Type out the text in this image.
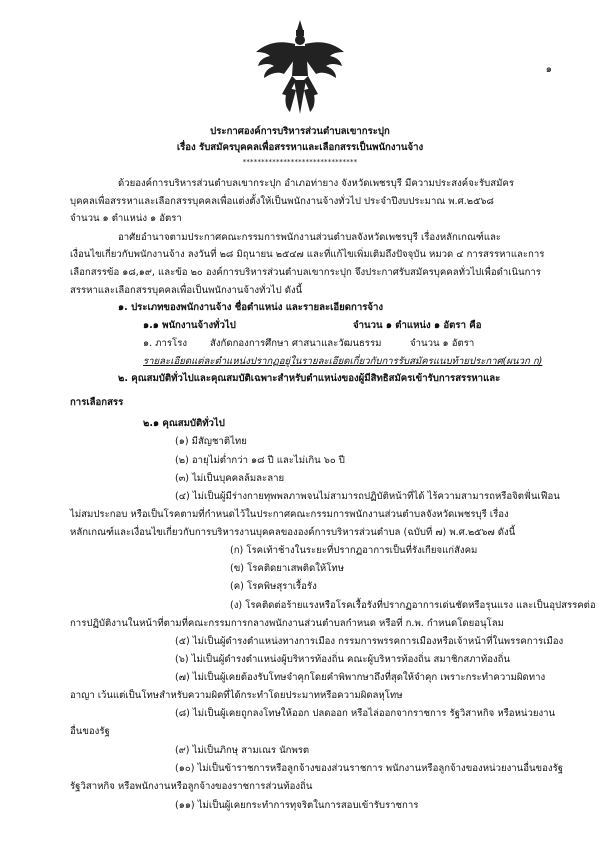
๑
ประกาศองค์การบริหารส่วนตำบลเขากระปุก
เรื่อง รับสมัครบุคคลเพื่อสรรหาและเลือกสรรเป็นพนักงานจ้าง
*******************************
ด้วยองค์การบริหารส่วนตำบลเขากระปุก อำเภอท่ายาง จังหวัดเพชรบุรี มีความประสงค์จะรับสมัคร
บุคคลเพื่อสรรหาและเลือกสรรบุคคลเพื่อแต่งตั้งให้เป็นพนักงานจ้างทั่วไป ประจำปีงบประมาณ พ.ศ.๒๕๖๘
จำนวน ๑ ตำแหน่ง ๑ อัตรา
อาศัยอำนาจตามประกาศคณะกรรมการพนักงานส่วนตำบลจังหวัดเพชรบุรี เรื่องหลักเกณฑ์และ
เงื่อนไขเกี่ยวกับพนักงานจ้าง ลงวันที่ ๒๘ มิถุนายน ๒๕๔๗ และที่แก้ไขเพิ่มเติมถึงปัจจุบัน หมวด ๔ การสรรหาและการ
เลือกสรรข้อ ๑๘,๑๙, และข้อ ๒๐ องค์การบริหารส่วนตำบลเขากระปุก จึงประกาศรับสมัครบุคคลทั่วไปเพื่อดำเนินการ
สรรหาและเลือกสรรบุคคลเพื่อเป็นพนักงานจ้างทั่วไป ดังนี้
๑. ประเภทของพนักงานจ้าง ชื่อตำแหน่ง และรายละเอียดการจ้าง
๑.๑ พนักงานจ้างทั่วไป	จำนวน ๑ ตำแหน่ง ๑ อัตรา คือ
๑. ภารโรง สังกัดกองการศึกษา ศาสนาและวัฒนธรรม	จำนวน ๑ อัตรา
รายละเอียดแต่ละตำแหน่งปรากฏอยู่ในรายละเอียดเกี่ยวกับการรับสมัครแนบท้ายประกาศ(ผนวก ก)
๒. คุณสมบัติทั่วไปและคุณสมบัติเฉพาะสำหรับตำแหน่งของผู้มีสิทธิสมัครเข้ารับการสรรหาและ
การเลือกสรร
๒.๑ คุณสมบัติทั่วไป
(๑) มีสัญชาติไทย
(๒) อายุไม่ต่ำกว่า ๑๘ ปี และไม่เกิน ๖๐ ปี
(๓) ไม่เป็นบุคคลล้มละลาย
(๔) ไม่เป็นผู้มีร่างกายทุพพลภาพจนไม่สามารถปฏิบัติหน้าที่ได้ ไร้ความสามารถหรือจิตฟั่นเฟือน
ไม่สมประกอบ หรือเป็นโรคตามที่กำหนดไว้ในประกาศคณะกรรมการพนักงานส่วนตำบลจังหวัดเพชรบุรี เรื่อง
หลักเกณฑ์และเงื่อนไขเกี่ยวกับการบริหารงานบุคคลขององค์การบริหารส่วนตำบล (ฉบับที่ ๗) พ.ศ.๒๕๖๗ ดังนี้
(ก) โรคเท้าช้างในระยะที่ปรากฏอาการเป็นที่รังเกียจแก่สังคม
(ข) โรคติดยาเสพติดให้โทษ
(ค) โรคพิษสุราเรื้อรัง
(ง) โรคติดต่อร้ายแรงหรือโรคเรื้อรังที่ปรากฏอาการเด่นชัดหรือรุนแรง และเป็นอุปสรรคต่อ
การปฏิบัติงานในหน้าที่ตามที่คณะกรรมการกลางพนักงานส่วนตำบลกำหนด หรือที่ ก.พ. กำหนดโดยอนุโลม
(๕) ไม่เป็นผู้ดำรงตำแหน่งทางการเมือง กรรมการพรรคการเมืองหรือเจ้าหน้าที่ในพรรคการเมือง
(๖) ไม่เป็นผู้ดำรงตำแหน่งผู้บริหารท้องถิ่น คณะผู้บริหารท้องถิ่น สมาชิกสภาท้องถิ่น
(๗) ไม่เป็นผู้เคยต้องรับโทษจำคุกโดยคำพิพากษาถึงที่สุดให้จำคุก เพราะกระทำความผิดทาง
อาญา เว้นแต่เป็นโทษสำหรับความผิดที่ได้กระทำโดยประมาทหรือความผิดลหุโทษ
(๘) ไม่เป็นผู้เคยถูกลงโทษให้ออก ปลดออก หรือไล่ออกจากราชการ รัฐวิสาหกิจ หรือหน่วยงาน
อื่นของรัฐ
(๙) ไม่เป็นภิกษุ สามเณร นักพรต
(๑๐) ไม่เป็นข้าราชการหรือลูกจ้างของส่วนราชการ พนักงานหรือลูกจ้างของหน่วยงานอื่นของรัฐ
รัฐวิสาหกิจ หรือพนักงานหรือลูกจ้างของราชการส่วนท้องถิ่น
(๑๑) ไม่เป็นผู้เคยกระทำการทุจริตในการสอบเข้ารับราชการ
